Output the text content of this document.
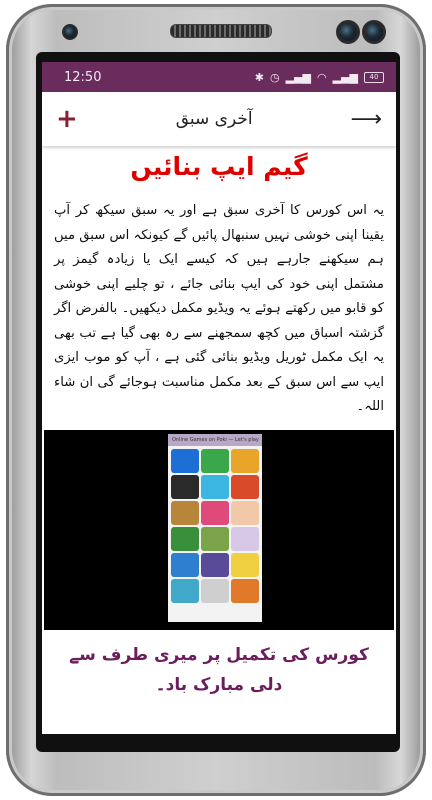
12:50	✱ ◷ ▂▄▆ ◠ ▂▄▆	40
+	آخری سبق	⟶
گیم ایپ بنائیں
یہ اس کورس کا آخری سبق ہے اور یہ سبق سیکھ کر آپ یقینا اپنی خوشی نہیں سنبھال پائیں گے کیونکہ اس سبق میں ہم سیکھنے جارہے ہیں کہ کیسے ایک یا زیادہ گیمز پر مشتمل اپنی خود کی ایپ بنائی جائے ، تو چلیے اپنی خوشی کو قابو میں رکھتے ہوئے یہ ویڈیو مکمل دیکھیں۔ بالفرض اگر گزشتہ اسباق میں کچھ سمجھنے سے رہ بھی گیا ہے تب بھی یہ ایک مکمل ٹوریل ویڈیو بنائی گئی ہے ، آپ کو موب ایزی ایپ سے اس سبق کے بعد مکمل مناسبت ہوجائے گی ان شاء اللہ۔
Online Games on Poki — Let's play
کورس کی تکمیل پر میری طرف سے دلی مبارک باد۔
